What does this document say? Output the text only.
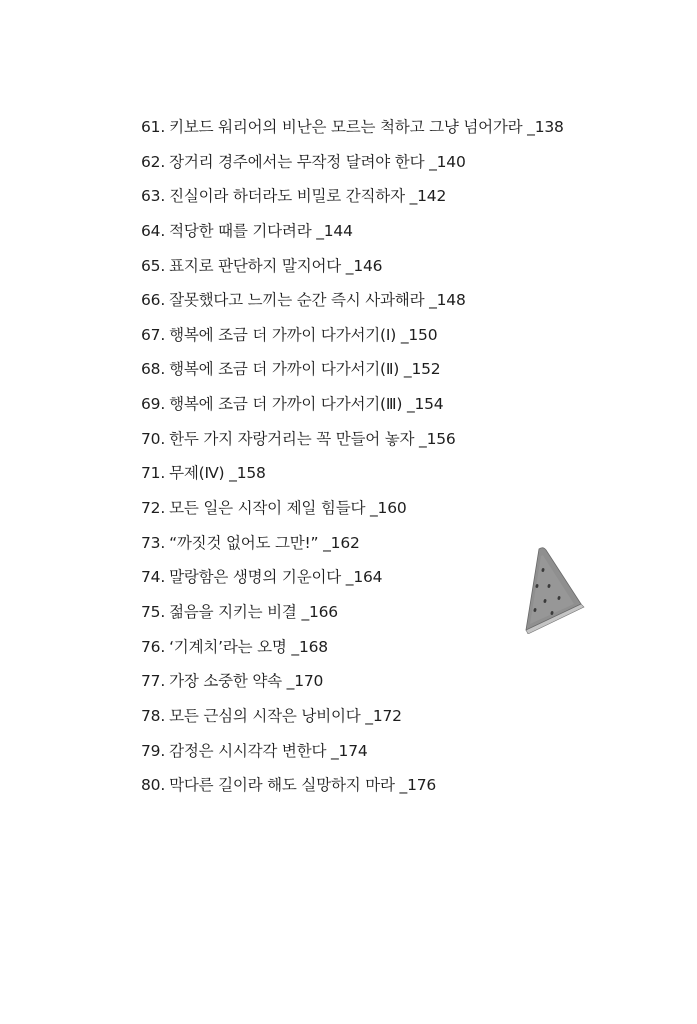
61. 키보드 워리어의 비난은 모르는 척하고 그냥 넘어가라 _138
62. 장거리 경주에서는 무작정 달려야 한다 _140
63. 진실이라 하더라도 비밀로 간직하자 _142
64. 적당한 때를 기다려라 _144
65. 표지로 판단하지 말지어다 _146
66. 잘못했다고 느끼는 순간 즉시 사과해라 _148
67. 행복에 조금 더 가까이 다가서기(Ⅰ) _150
68. 행복에 조금 더 가까이 다가서기(Ⅱ) _152
69. 행복에 조금 더 가까이 다가서기(Ⅲ) _154
70. 한두 가지 자랑거리는 꼭 만들어 놓자 _156
71. 무제(Ⅳ) _158
72. 모든 일은 시작이 제일 힘들다 _160
73. “까짓것 없어도 그만!” _162
74. 말랑함은 생명의 기운이다 _164
75. 젊음을 지키는 비결 _166
76. ‘기계치’라는 오명 _168
77. 가장 소중한 약속 _170
78. 모든 근심의 시작은 낭비이다 _172
79. 감정은 시시각각 변한다 _174
80. 막다른 길이라 해도 실망하지 마라 _176
